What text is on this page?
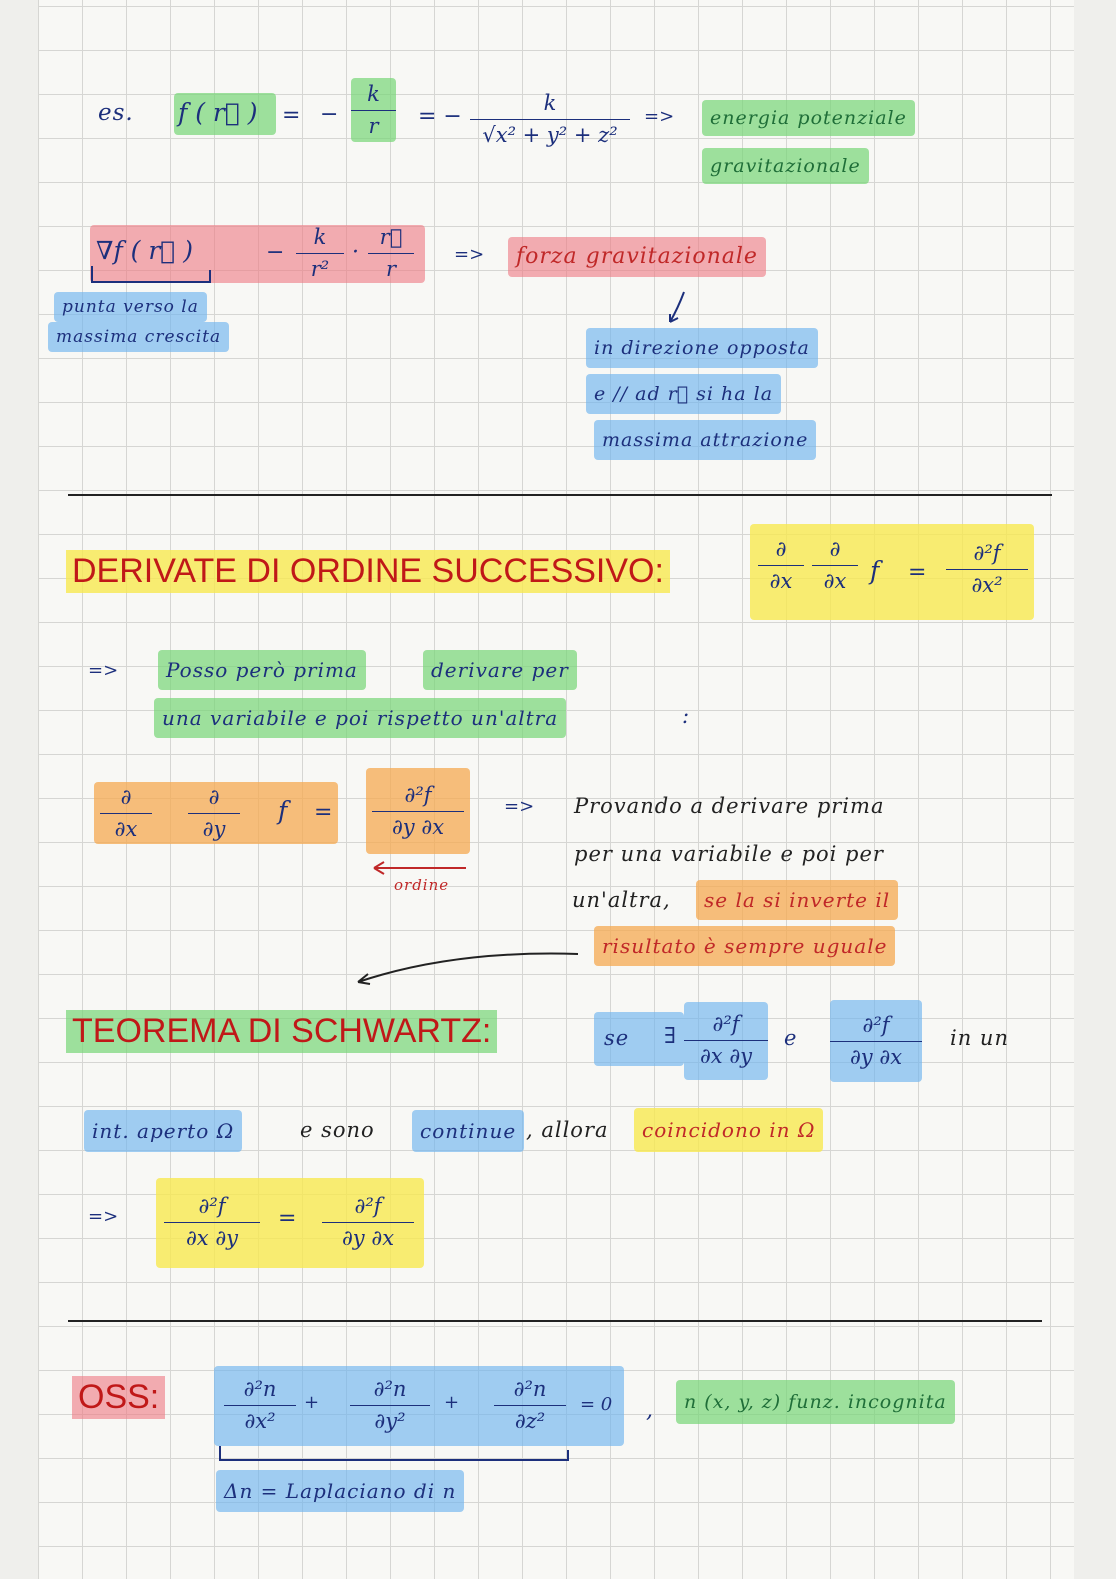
es. f ( r⃗ ) = −
k
r = −
k
√x² + y² + z²
=>	energia potenziale
gravitazionale
∇f ( r⃗ )	−
k
r²
·
r⃗
r
=>	forza gravitazionale
punta verso la
massima crescita	in direzione opposta
e // ad r⃗ si ha la
massima attrazione
DERIVATE DI ORDINE SUCCESSIVO:
∂
∂x
∂
∂x f =
∂²f
∂x²
=>	Posso però prima	derivare per
una variabile e poi rispetto un'altra	:
∂
∂x
∂
∂y
f =
∂²f
∂y ∂x
ordine
=> Provando a derivare prima
per una variabile e poi per
un'altra,	se la si inverte il
risultato è sempre uguale
TEOREMA DI SCHWARTZ:	se ∃ ∂²f
∂x ∂y
e
∂²f
∂y ∂x
in un
int. aperto Ω	e sono	continue , allora	coincidono in Ω
=>	∂²f
∂x ∂y
=	∂²f
∂y ∂x
OSS:	∂²n
∂x²
+
∂²n
∂y²
+
∂²n
∂z²
= 0 ,	n (x, y, z) funz. incognita
Δn = Laplaciano di n
